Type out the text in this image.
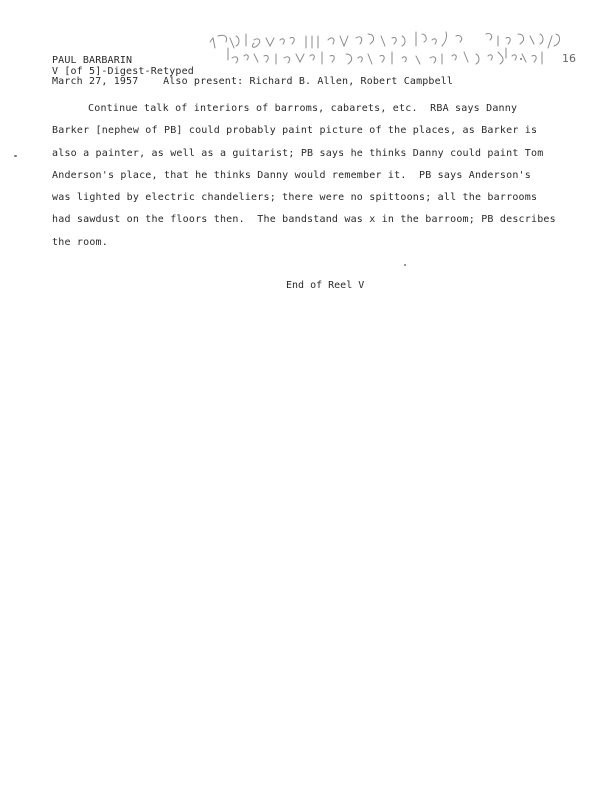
PAUL BARBARIN
V [of 5]-Digest-Retyped
March 27, 1957 Also present: Richard B. Allen, Robert Campbell
16
Continue talk of interiors of barroms, cabarets, etc.  RBA says Danny
Barker [nephew of PB] could probably paint picture of the places, as Barker is
also a painter, as well as a guitarist; PB says he thinks Danny could paint Tom
Anderson's place, that he thinks Danny would remember it.  PB says Anderson's
was lighted by electric chandeliers; there were no spittoons; all the barrooms
had sawdust on the floors then.  The bandstand was x in the barroom; PB describes
the room.
End of Reel V
